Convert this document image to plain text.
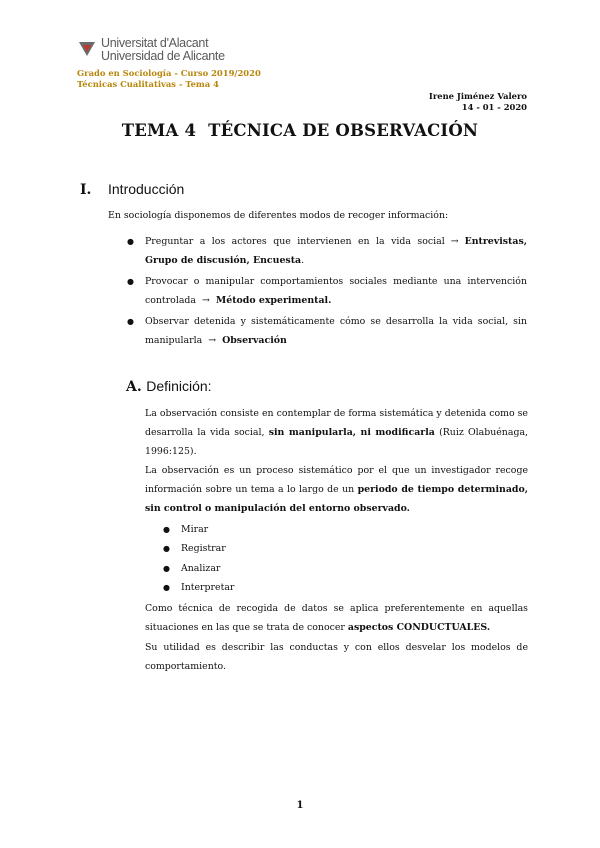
Universitat d'Alacant
Universidad de Alicante
Grado en Sociología - Curso 2019/2020
Técnicas Cualitativas - Tema 4
Irene Jiménez Valero
14 - 01 - 2020
TEMA 4 TÉCNICA DE OBSERVACIÓN
I. Introducción
En sociología disponemos de diferentes modos de recoger información:
● Preguntar a los actores que intervienen en la vida social → Entrevistas, Grupo de discusión, Encuesta.
● Provocar o manipular comportamientos sociales mediante una intervención controlada → Método experimental.
● Observar detenida y sistemáticamente cómo se desarrolla la vida social, sin manipularla → Observación
A. Definición:
La observación consiste en contemplar de forma sistemática y detenida como se desarrolla la vida social, sin manipularla, ni modificarla (Ruiz Olabuénaga, 1996:125).
La observación es un proceso sistemático por el que un investigador recoge información sobre un tema a lo largo de un periodo de tiempo determinado, sin control o manipulación del entorno observado.
● Mirar
● Registrar
● Analizar
● Interpretar
Como técnica de recogida de datos se aplica preferentemente en aquellas situaciones en las que se trata de conocer aspectos CONDUCTUALES.
Su utilidad es describir las conductas y con ellos desvelar los modelos de comportamiento.
1
